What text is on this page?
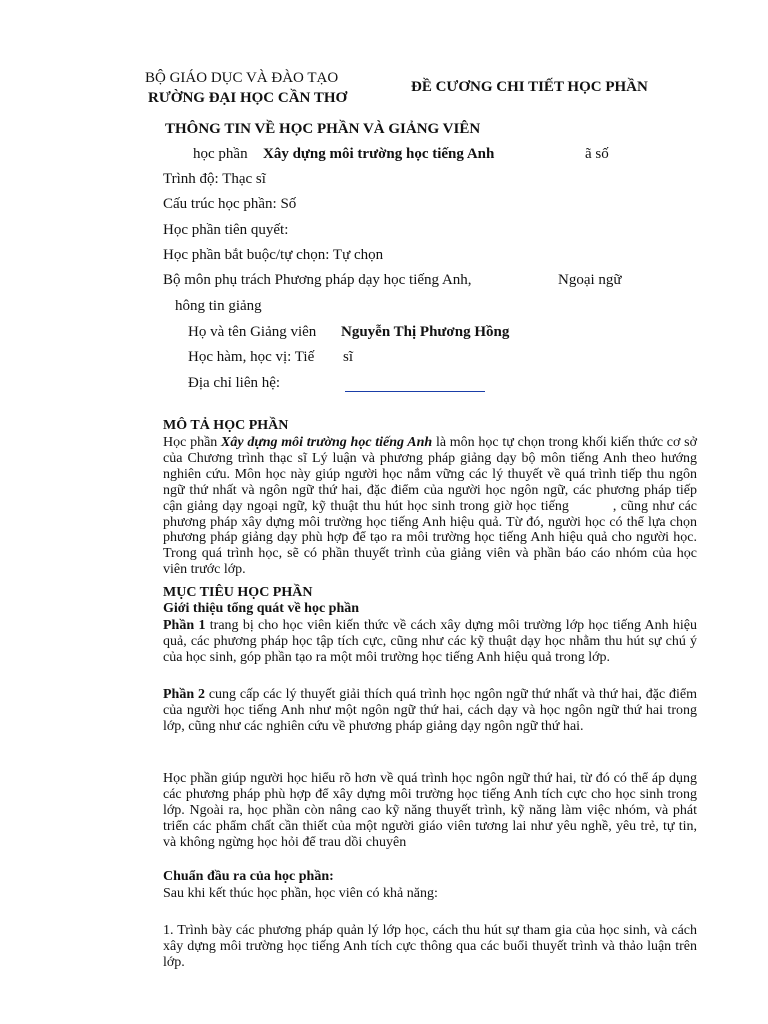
BỘ GIÁO DỤC VÀ ĐÀO TẠO
RƯỜNG ĐẠI HỌC CẦN THƠ
ĐỀ CƯƠNG CHI TIẾT HỌC PHẦN
THÔNG TIN VỀ HỌC PHẦN VÀ GIẢNG VIÊN
học phần Xây dựng môi trường học tiếng Anh	ã số
Trình độ: Thạc sĩ
Cấu trúc học phần: Số
Học phần tiên quyết:
Học phần bắt buộc/tự chọn: Tự chọn
Bộ môn phụ trách Phương pháp dạy học tiếng Anh,	Ngoại ngữ
hông tin giảng
Họ và tên Giảng viên Nguyễn Thị Phương Hồng
Học hàm, học vị: Tiế sĩ
Địa chỉ liên hệ:
MÔ TẢ HỌC PHẦN
Học phần Xây dựng môi trường học tiếng Anh là môn học tự chọn trong khối kiến thức cơ sở của Chương trình thạc sĩ Lý luận và phương pháp giảng dạy bộ môn tiếng Anh theo hướng nghiên cứu. Môn học này giúp người học nắm vững các lý thuyết về quá trình tiếp thu ngôn ngữ thứ nhất và ngôn ngữ thứ hai, đặc điểm của người học ngôn ngữ, các phương pháp tiếp cận giảng dạy ngoại ngữ, kỹ thuật thu hút học sinh trong giờ học tiếng	, cũng như các phương pháp xây dựng môi trường học tiếng Anh hiệu quả. Từ đó, người học có thể lựa chọn phương pháp giảng dạy phù hợp để tạo ra môi trường học tiếng Anh hiệu quả cho người học. Trong quá trình học, sẽ có phần thuyết trình của giảng viên và phần báo cáo nhóm của học viên trước lớp.
MỤC TIÊU HỌC PHẦN
Giới thiệu tổng quát về học phần
Phần 1 trang bị cho học viên kiến thức về cách xây dựng môi trường lớp học tiếng Anh hiệu quả, các phương pháp học tập tích cực, cũng như các kỹ thuật dạy học nhằm thu hút sự chú ý của học sinh, góp phần tạo ra một môi trường học tiếng Anh hiệu quả trong lớp.
Phần 2 cung cấp các lý thuyết giải thích quá trình học ngôn ngữ thứ nhất và thứ hai, đặc điểm của người học tiếng Anh như một ngôn ngữ thứ hai, cách dạy và học ngôn ngữ thứ hai trong lớp, cũng như các nghiên cứu về phương pháp giảng dạy ngôn ngữ thứ hai.
Học phần giúp người học hiểu rõ hơn về quá trình học ngôn ngữ thứ hai, từ đó có thể áp dụng các phương pháp phù hợp để xây dựng môi trường học tiếng Anh tích cực cho học sinh trong lớp. Ngoài ra, học phần còn nâng cao kỹ năng thuyết trình, kỹ năng làm việc nhóm, và phát triển các phẩm chất cần thiết của một người giáo viên tương lai như yêu nghề, yêu trẻ, tự tin, và không ngừng học hỏi để trau dồi chuyên
Chuẩn đầu ra của học phần:
Sau khi kết thúc học phần, học viên có khả năng:
1. Trình bày các phương pháp quản lý lớp học, cách thu hút sự tham gia của học sinh, và cách xây dựng môi trường học tiếng Anh tích cực thông qua các buổi thuyết trình và thảo luận trên lớp.
